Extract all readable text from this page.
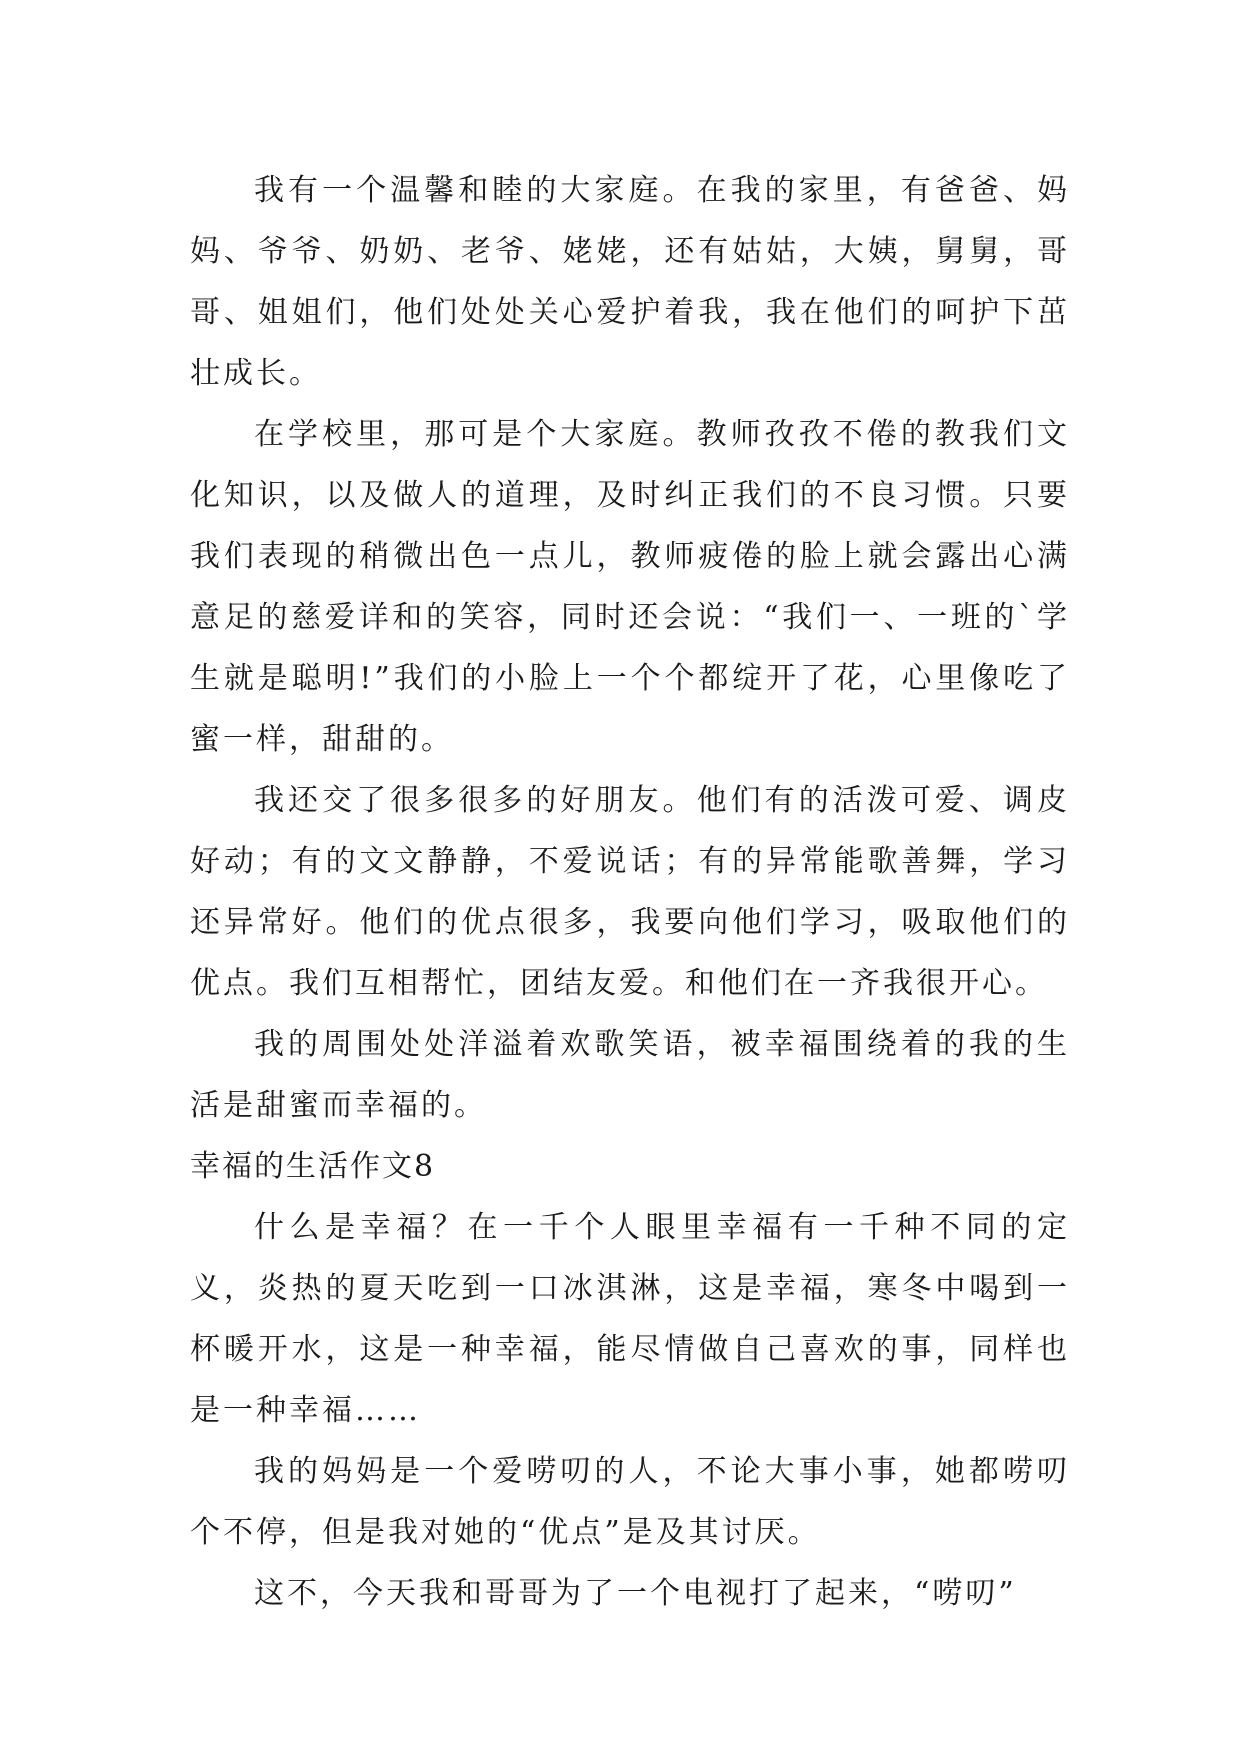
我有一个温馨和睦的大家庭。在我的家里，有爸爸、妈妈、爷爷、奶奶、老爷、姥姥，还有姑姑，大姨，舅舅，哥哥、姐姐们，他们处处关心爱护着我，我在他们的呵护下茁壮成长。

在学校里，那可是个大家庭。教师孜孜不倦的教我们文化知识，以及做人的道理，及时纠正我们的不良习惯。只要我们表现的稍微出色一点儿，教师疲倦的脸上就会露出心满意足的慈爱详和的笑容，同时还会说：“我们一、一班的`学生就是聪明!”我们的小脸上一个个都绽开了花，心里像吃了蜜一样，甜甜的。

我还交了很多很多的好朋友。他们有的活泼可爱、调皮好动；有的文文静静，不爱说话；有的异常能歌善舞，学习还异常好。他们的优点很多，我要向他们学习，吸取他们的优点。我们互相帮忙，团结友爱。和他们在一齐我很开心。

我的周围处处洋溢着欢歌笑语，被幸福围绕着的我的生活是甜蜜而幸福的。

幸福的生活作文8

什么是幸福？在一千个人眼里幸福有一千种不同的定义，炎热的夏天吃到一口冰淇淋，这是幸福，寒冬中喝到一杯暖开水，这是一种幸福，能尽情做自己喜欢的事，同样也是一种幸福……

我的妈妈是一个爱唠叨的人，不论大事小事，她都唠叨个不停，但是我对她的“优点”是及其讨厌。

这不，今天我和哥哥为了一个电视打了起来，“唠叨”
